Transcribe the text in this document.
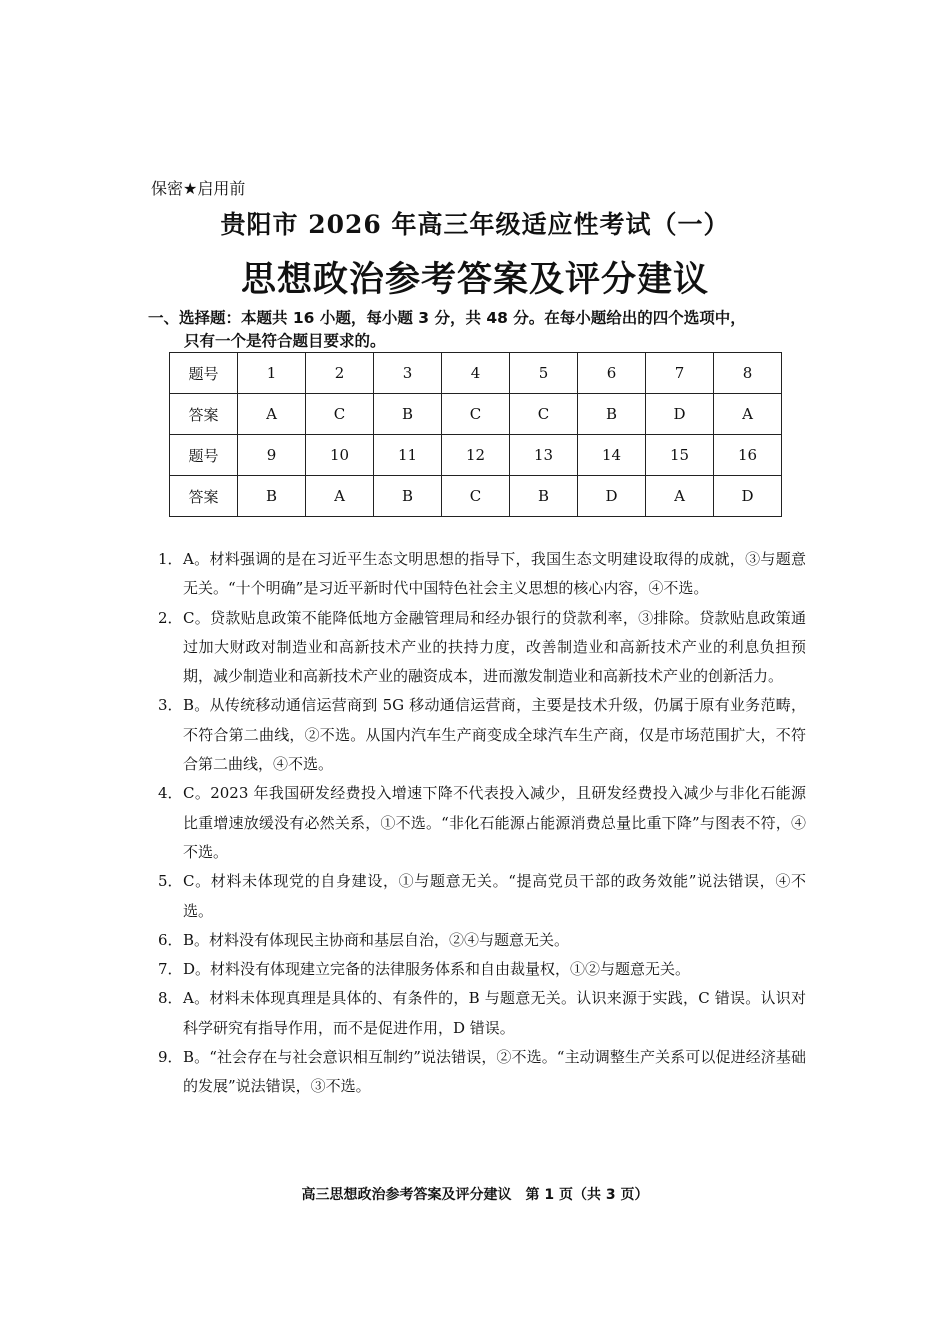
保密★启用前
贵阳市 2026 年高三年级适应性考试（一）
思想政治参考答案及评分建议
一、选择题：本题共 16 小题，每小题 3 分，共 48 分。在每小题给出的四个选项中，
只有一个是符合题目要求的。
题号	1	2	3	4	5	6	7	8
答案	A	C	B	C	C	B	D	A
题号	9	10	11	12	13	14	15	16
答案	B	A	B	C	B	D	A	D
1． A。材料强调的是在习近平生态文明思想的指导下，我国生态文明建设取得的成就，③与题意无关。“十个明确”是习近平新时代中国特色社会主义思想的核心内容，④不选。
2． C。贷款贴息政策不能降低地方金融管理局和经办银行的贷款利率，③排除。贷款贴息政策通过加大财政对制造业和高新技术产业的扶持力度，改善制造业和高新技术产业的利息负担预期，减少制造业和高新技术产业的融资成本，进而激发制造业和高新技术产业的创新活力。
3． B。从传统移动通信运营商到 5G 移动通信运营商，主要是技术升级，仍属于原有业务范畴，不符合第二曲线，②不选。从国内汽车生产商变成全球汽车生产商，仅是市场范围扩大，不符合第二曲线，④不选。
4． C。2023 年我国研发经费投入增速下降不代表投入减少，且研发经费投入减少与非化石能源比重增速放缓没有必然关系，①不选。“非化石能源占能源消费总量比重下降”与图表不符，④不选。
5． C。材料未体现党的自身建设，①与题意无关。“提高党员干部的政务效能”说法错误，④不选。
6． B。材料没有体现民主协商和基层自治，②④与题意无关。
7． D。材料没有体现建立完备的法律服务体系和自由裁量权，①②与题意无关。
8． A。材料未体现真理是具体的、有条件的，B 与题意无关。认识来源于实践，C 错误。认识对科学研究有指导作用，而不是促进作用，D 错误。
9． B。“社会存在与社会意识相互制约”说法错误，②不选。“主动调整生产关系可以促进经济基础的发展”说法错误，③不选。
高三思想政治参考答案及评分建议　第 1 页（共 3 页）
